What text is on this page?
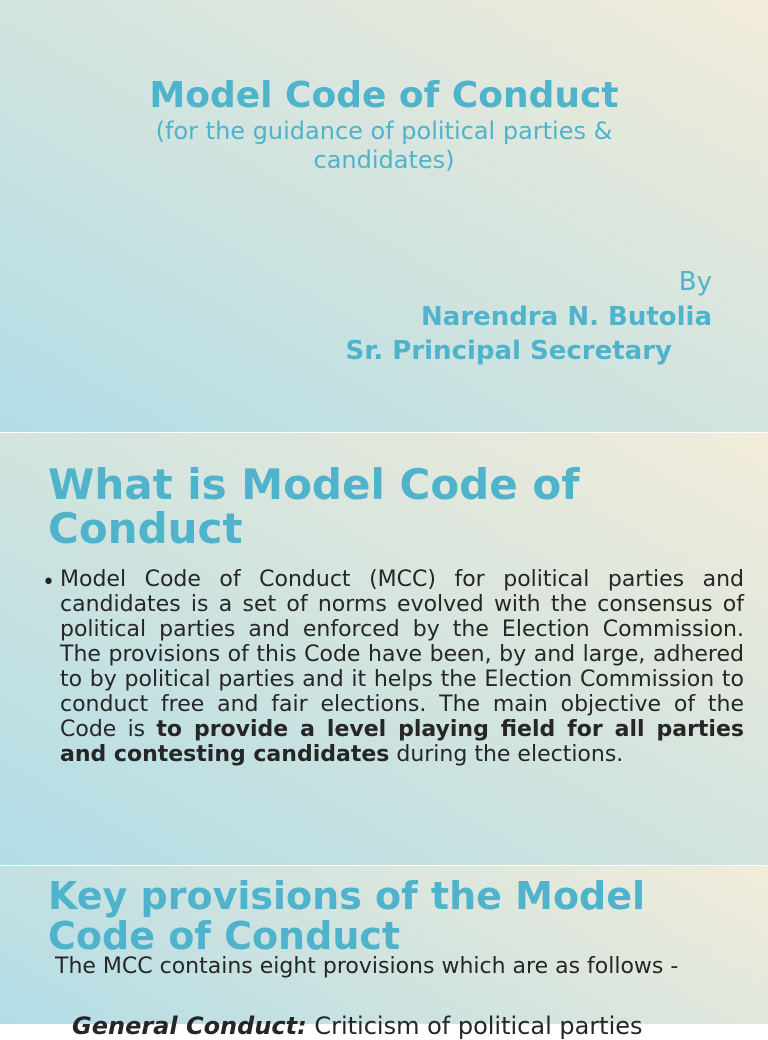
Model Code of Conduct
(for the guidance of political parties & candidates)
By
Narendra N. Butolia
Sr. Principal Secretary
What is Model Code of Conduct
• Model Code of Conduct (MCC) for political parties and candidates is a set of norms evolved with the consensus of political parties and enforced by the Election Commission. The provisions of this Code have been, by and large, adhered to by political parties and it helps the Election Commission to conduct free and fair elections. The main objective of the Code is to provide a level playing field for all parties and contesting candidates during the elections.
Key provisions of the Model Code of Conduct
The MCC contains eight provisions which are as follows -
General Conduct: Criticism of political parties
